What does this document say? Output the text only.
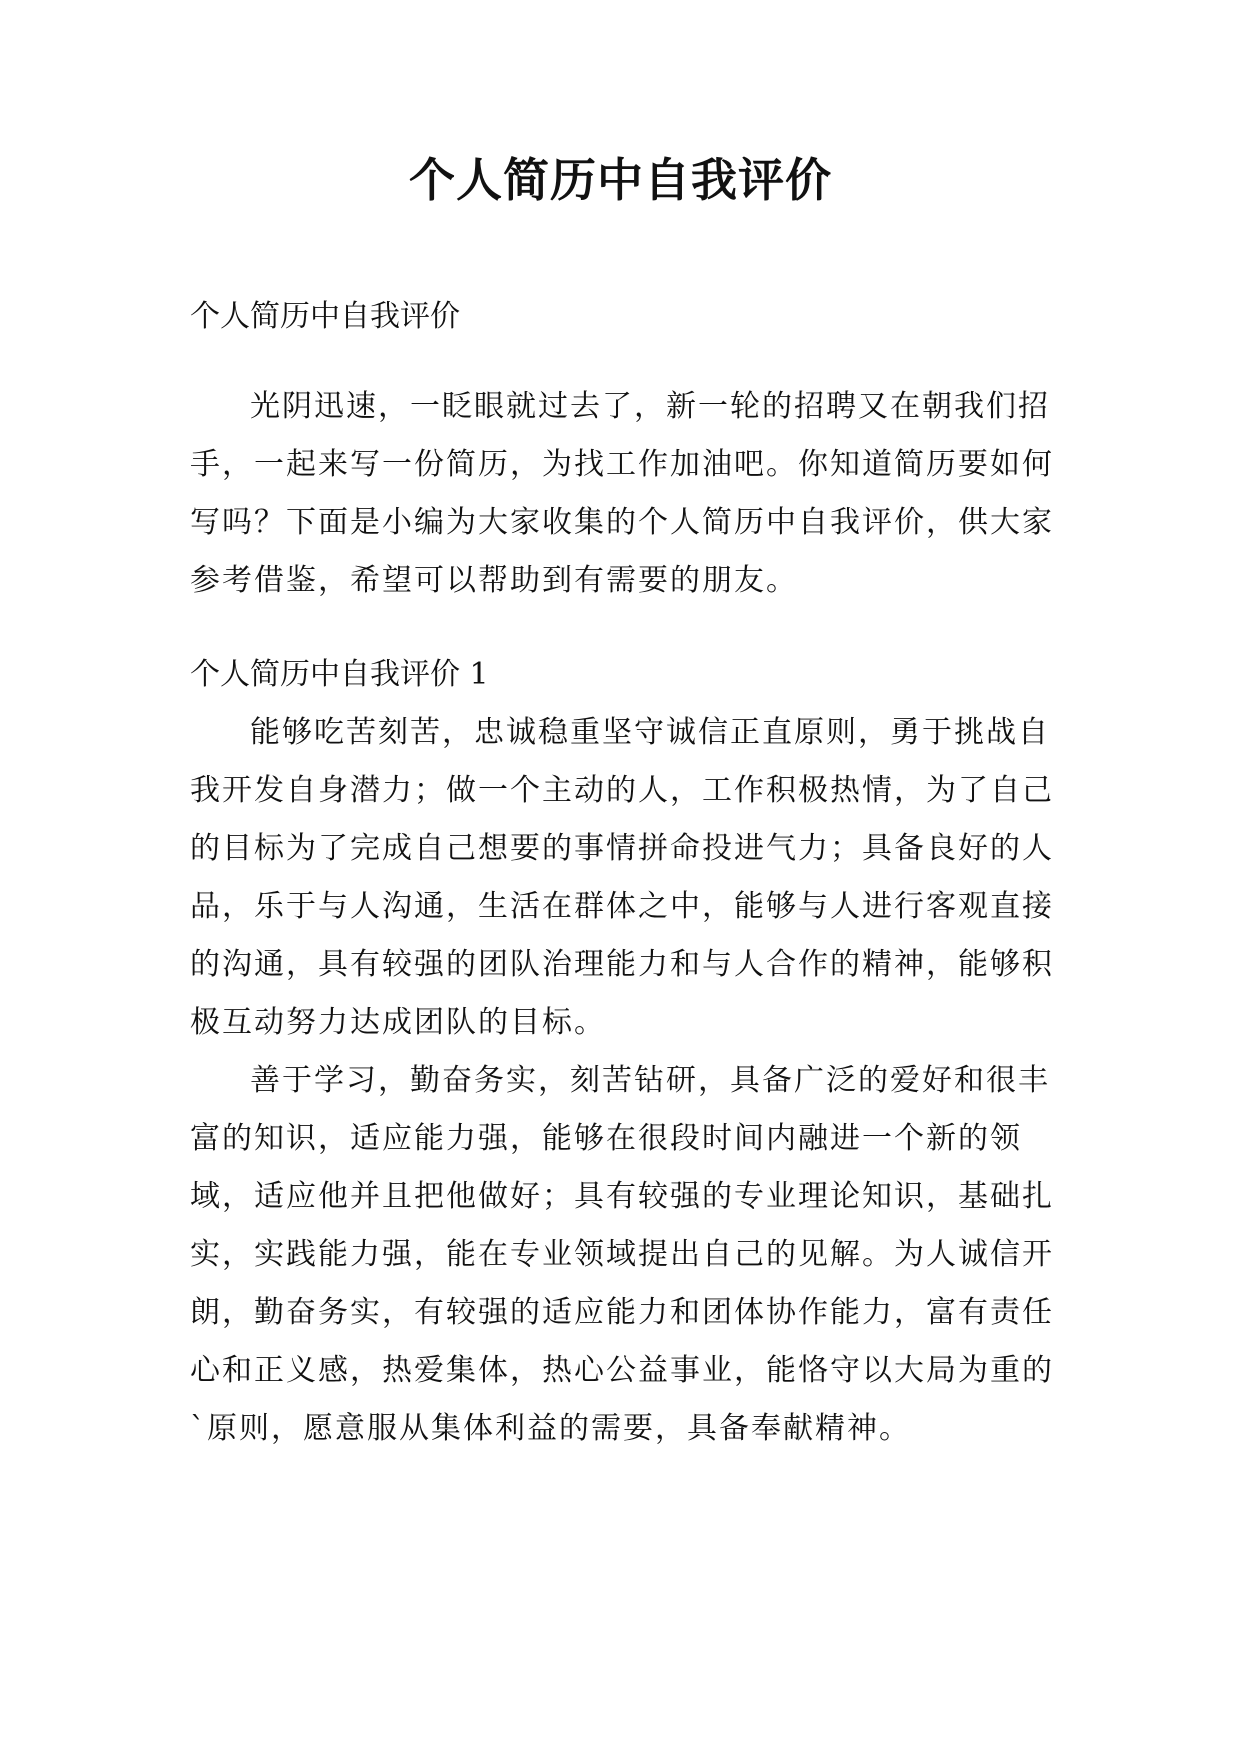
个人简历中自我评价

个人简历中自我评价

光阴迅速，一眨眼就过去了，新一轮的招聘又在朝我们招手，一起来写一份简历，为找工作加油吧。你知道简历要如何写吗？下面是小编为大家收集的个人简历中自我评价，供大家参考借鉴，希望可以帮助到有需要的朋友。

个人简历中自我评价 1

能够吃苦刻苦，忠诚稳重坚守诚信正直原则，勇于挑战自我开发自身潜力；做一个主动的人，工作积极热情，为了自己的目标为了完成自己想要的事情拼命投进气力；具备良好的人品，乐于与人沟通，生活在群体之中，能够与人进行客观直接的沟通，具有较强的团队治理能力和与人合作的精神，能够积极互动努力达成团队的目标。

善于学习，勤奋务实，刻苦钻研，具备广泛的爱好和很丰富的知识，适应能力强，能够在很段时间内融进一个新的领域，适应他并且把他做好；具有较强的专业理论知识，基础扎实，实践能力强，能在专业领域提出自己的见解。为人诚信开朗，勤奋务实，有较强的适应能力和团体协作能力，富有责任心和正义感，热爱集体，热心公益事业，能恪守以大局为重的`原则，愿意服从集体利益的需要，具备奉献精神。
